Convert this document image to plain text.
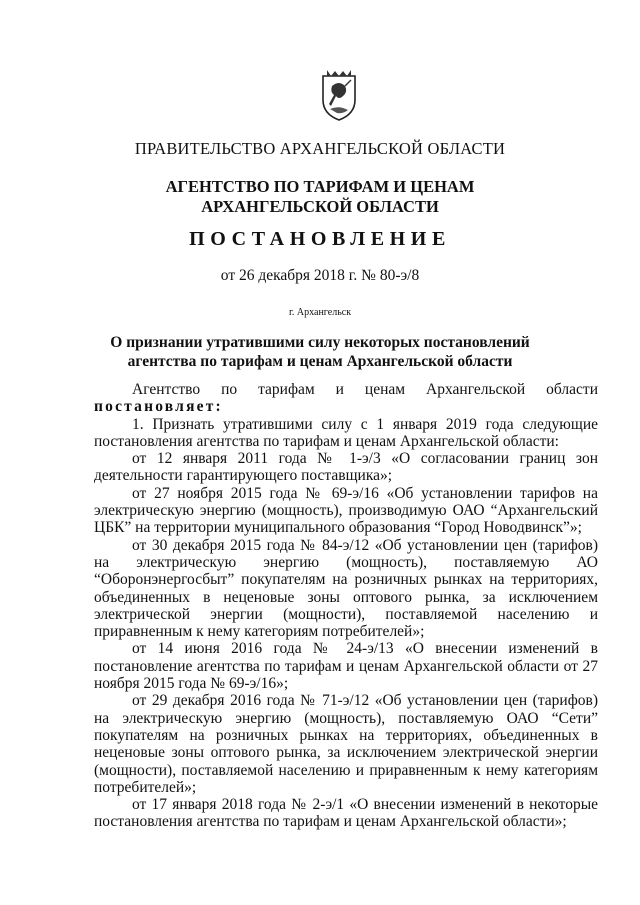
ПРАВИТЕЛЬСТВО АРХАНГЕЛЬСКОЙ ОБЛАСТИ
АГЕНТСТВО ПО ТАРИФАМ И ЦЕНАМ
АРХАНГЕЛЬСКОЙ ОБЛАСТИ
ПОСТАНОВЛЕНИЕ
от 26 декабря 2018 г. № 80-э/8
г. Архангельск
О признании утратившими силу некоторых постановлений
агентства по тарифам и ценам Архангельской области

Агентство по тарифам и ценам Архангельской области постановляет:

1. Признать утратившими силу с 1 января 2019 года следующие постановления агентства по тарифам и ценам Архангельской области:

от 12 января 2011 года № 1-э/3 «О согласовании границ зон деятельности гарантирующего поставщика»;

от 27 ноября 2015 года № 69-э/16 «Об установлении тарифов на электрическую энергию (мощность), производимую ОАО “Архангельский ЦБК” на территории муниципального образования “Город Новодвинск”»;

от 30 декабря 2015 года № 84-э/12 «Об установлении цен (тарифов) на электрическую энергию (мощность), поставляемую АО “Оборонэнергосбыт” покупателям на розничных рынках на территориях, объединенных в неценовые зоны оптового рынка, за исключением электрической энергии (мощности), поставляемой населению и приравненным к нему категориям потребителей»;

от 14 июня 2016 года № 24-э/13 «О внесении изменений в постановление агентства по тарифам и ценам Архангельской области от 27 ноября 2015 года № 69-э/16»;

от 29 декабря 2016 года № 71-э/12 «Об установлении цен (тарифов) на электрическую энергию (мощность), поставляемую ОАО “Сети” покупателям на розничных рынках на территориях, объединенных в неценовые зоны оптового рынка, за исключением электрической энергии (мощности), поставляемой населению и приравненным к нему категориям потребителей»;

от 17 января 2018 года № 2-э/1 «О внесении изменений в некоторые постановления агентства по тарифам и ценам Архангельской области»;
